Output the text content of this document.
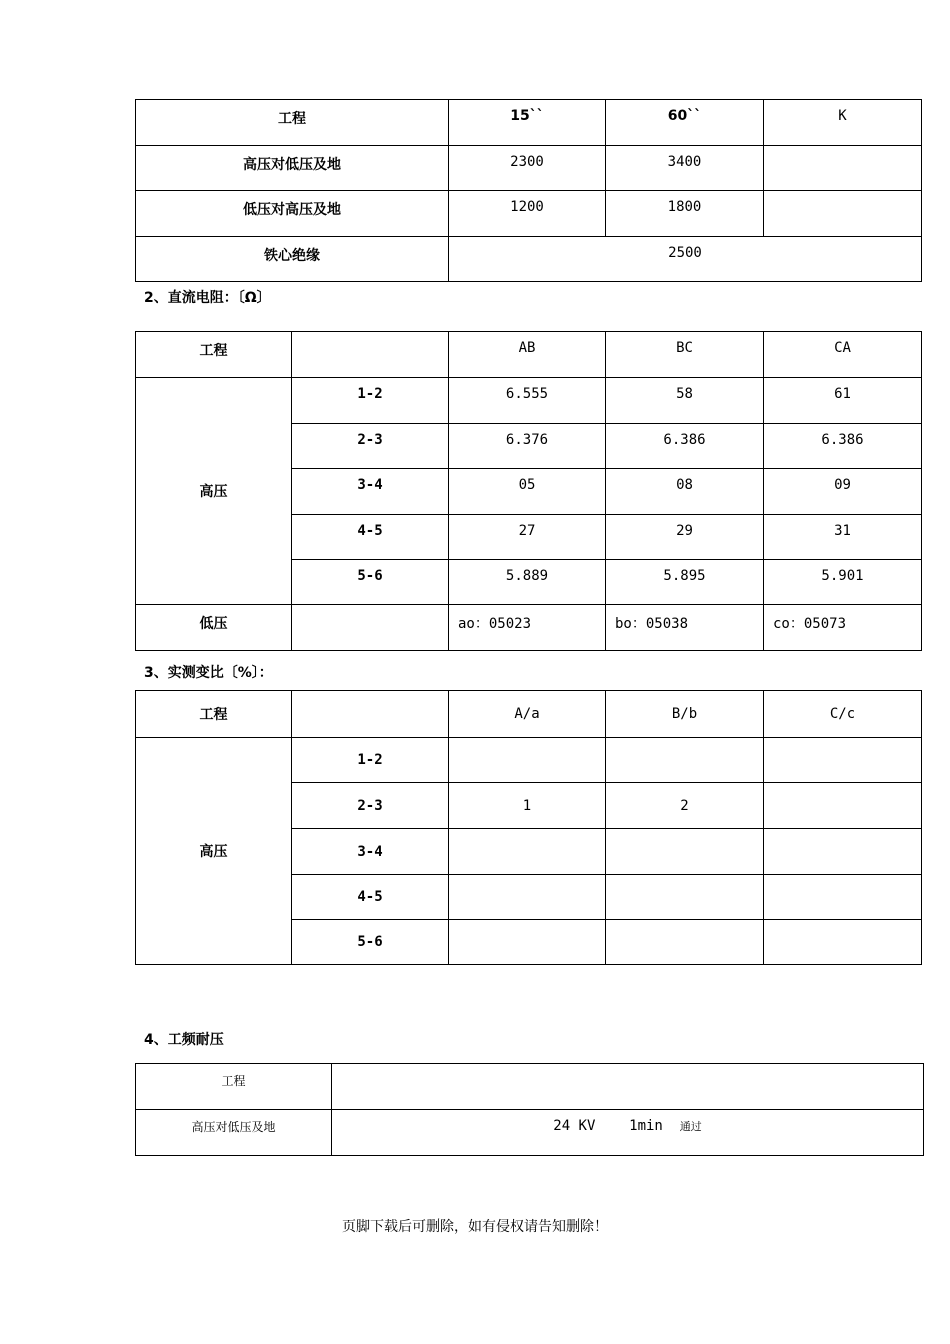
工程	15``	60``	K
高压对低压及地	2300	3400	
低压对高压及地	1200	1800	
铁心绝缘	2500		
2、直流电阻：〔Ω〕
工程		AB	BC	CA
高压	1-2	6.555	58	61
	2-3	6.376	6.386	6.386
	3-4	05	08	09
	4-5	27	29	31
	5-6	5.889	5.895	5.901
低压		ao：05023	bo：05038	co：05073
3、实测变比〔%〕：
工程		A/a	B/b	C/c
高压	1-2			
	2-3	1	2	
	3-4			
	4-5			
	5-6			
4、工频耐压
工程	
高压对低压及地	24 KV 1min 通过
页脚下载后可删除，如有侵权请告知删除！
